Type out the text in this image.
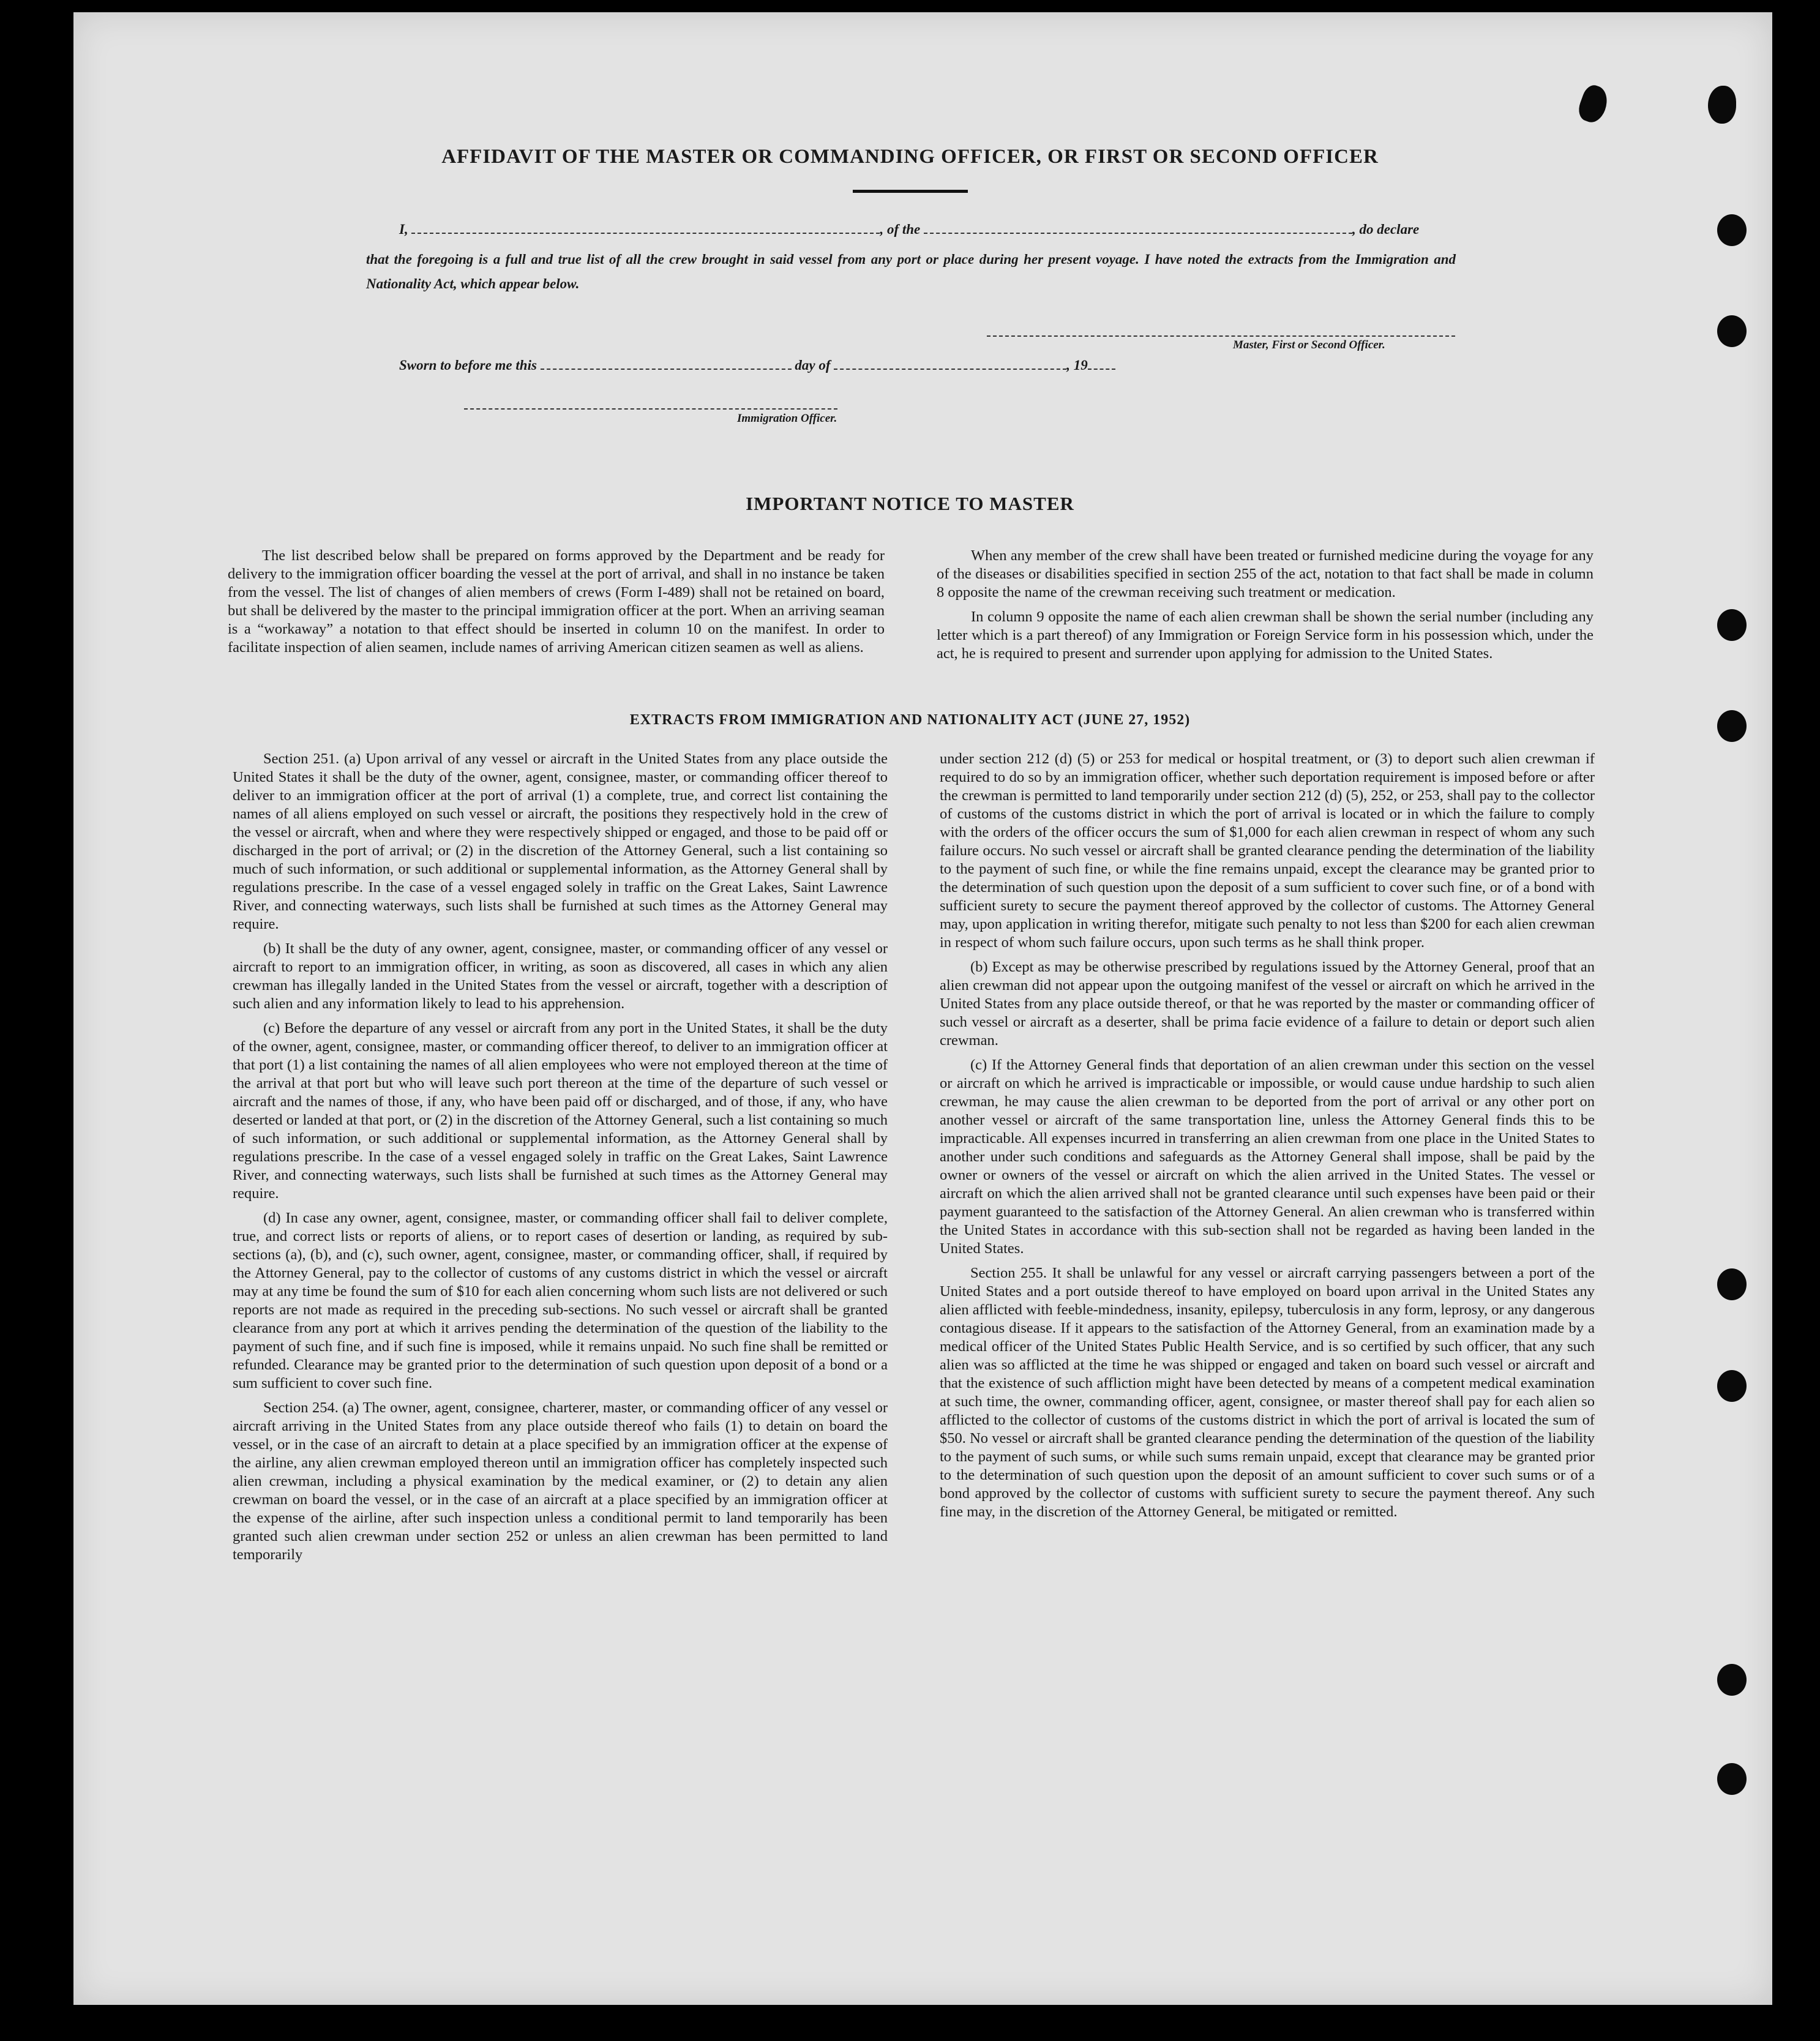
AFFIDAVIT OF THE MASTER OR COMMANDING OFFICER, OR FIRST OR SECOND OFFICER
I,	, of the	, do declare
that the foregoing is a full and true list of all the crew brought in said vessel from any port or place during her present voyage. I have noted the extracts from the Immigration and Nationality Act, which appear below.
Master, First or Second Officer.
Sworn to before me this	day of	, 19
Immigration Officer.
IMPORTANT NOTICE TO MASTER

The list described below shall be prepared on forms approved by the Department and be ready for delivery to the immigration officer boarding the vessel at the port of arrival, and shall in no instance be taken from the vessel. The list of changes of alien members of crews (Form I-489) shall not be retained on board, but shall be delivered by the master to the principal immigration officer at the port. When an arriving seaman is a “workaway” a notation to that effect should be inserted in column 10 on the manifest. In order to facilitate inspection of alien seamen, include names of arriving American citizen seamen as well as aliens.

When any member of the crew shall have been treated or furnished medicine during the voyage for any of the diseases or disabilities specified in section 255 of the act, notation to that fact shall be made in column 8 opposite the name of the crewman receiving such treatment or medication.

In column 9 opposite the name of each alien crewman shall be shown the serial number (including any letter which is a part thereof) of any Immigration or Foreign Service form in his possession which, under the act, he is required to present and surrender upon applying for admission to the United States.

EXTRACTS FROM IMMIGRATION AND NATIONALITY ACT (JUNE 27, 1952)

Section 251. (a) Upon arrival of any vessel or aircraft in the United States from any place outside the United States it shall be the duty of the owner, agent, consignee, master, or commanding officer thereof to deliver to an immigration officer at the port of arrival (1) a complete, true, and correct list containing the names of all aliens employed on such vessel or aircraft, the positions they respectively hold in the crew of the vessel or aircraft, when and where they were respectively shipped or engaged, and those to be paid off or discharged in the port of arrival; or (2) in the discretion of the Attorney General, such a list containing so much of such information, or such additional or supplemental information, as the Attorney General shall by regulations prescribe. In the case of a vessel engaged solely in traffic on the Great Lakes, Saint Lawrence River, and connecting waterways, such lists shall be furnished at such times as the Attorney General may require.

(b) It shall be the duty of any owner, agent, consignee, master, or commanding officer of any vessel or aircraft to report to an immigration officer, in writing, as soon as discovered, all cases in which any alien crewman has illegally landed in the United States from the vessel or aircraft, together with a description of such alien and any information likely to lead to his apprehension.

(c) Before the departure of any vessel or aircraft from any port in the United States, it shall be the duty of the owner, agent, consignee, master, or commanding officer thereof, to deliver to an immigration officer at that port (1) a list containing the names of all alien employees who were not employed thereon at the time of the arrival at that port but who will leave such port thereon at the time of the departure of such vessel or aircraft and the names of those, if any, who have been paid off or discharged, and of those, if any, who have deserted or landed at that port, or (2) in the discretion of the Attorney General, such a list containing so much of such information, or such additional or supplemental information, as the Attorney General shall by regulations prescribe. In the case of a vessel engaged solely in traffic on the Great Lakes, Saint Lawrence River, and connecting waterways, such lists shall be furnished at such times as the Attorney General may require.

(d) In case any owner, agent, consignee, master, or commanding officer shall fail to deliver complete, true, and correct lists or reports of aliens, or to report cases of desertion or landing, as required by sub-sections (a), (b), and (c), such owner, agent, consignee, master, or commanding officer, shall, if required by the Attorney General, pay to the collector of customs of any customs district in which the vessel or aircraft may at any time be found the sum of $10 for each alien concerning whom such lists are not delivered or such reports are not made as required in the preceding sub-sections. No such vessel or aircraft shall be granted clearance from any port at which it arrives pending the determination of the question of the liability to the payment of such fine, and if such fine is imposed, while it remains unpaid. No such fine shall be remitted or refunded. Clearance may be granted prior to the determination of such question upon deposit of a bond or a sum sufficient to cover such fine.

Section 254. (a) The owner, agent, consignee, charterer, master, or commanding officer of any vessel or aircraft arriving in the United States from any place outside thereof who fails (1) to detain on board the vessel, or in the case of an aircraft to detain at a place specified by an immigration officer at the expense of the airline, any alien crewman employed thereon until an immigration officer has completely inspected such alien crewman, including a physical examination by the medical examiner, or (2) to detain any alien crewman on board the vessel, or in the case of an aircraft at a place specified by an immigration officer at the expense of the airline, after such inspection unless a conditional permit to land temporarily has been granted such alien crewman under section 252 or unless an alien crewman has been permitted to land temporarily

under section 212 (d) (5) or 253 for medical or hospital treatment, or (3) to deport such alien crewman if required to do so by an immigration officer, whether such deportation requirement is imposed before or after the crewman is permitted to land temporarily under section 212 (d) (5), 252, or 253, shall pay to the collector of customs of the customs district in which the port of arrival is located or in which the failure to comply with the orders of the officer occurs the sum of $1,000 for each alien crewman in respect of whom any such failure occurs. No such vessel or aircraft shall be granted clearance pending the determination of the liability to the payment of such fine, or while the fine remains unpaid, except the clearance may be granted prior to the determination of such question upon the deposit of a sum sufficient to cover such fine, or of a bond with sufficient surety to secure the payment thereof approved by the collector of customs. The Attorney General may, upon application in writing therefor, mitigate such penalty to not less than $200 for each alien crewman in respect of whom such failure occurs, upon such terms as he shall think proper.

(b) Except as may be otherwise prescribed by regulations issued by the Attorney General, proof that an alien crewman did not appear upon the outgoing manifest of the vessel or aircraft on which he arrived in the United States from any place outside thereof, or that he was reported by the master or commanding officer of such vessel or aircraft as a deserter, shall be prima facie evidence of a failure to detain or deport such alien crewman.

(c) If the Attorney General finds that deportation of an alien crewman under this section on the vessel or aircraft on which he arrived is impracticable or impossible, or would cause undue hardship to such alien crewman, he may cause the alien crewman to be deported from the port of arrival or any other port on another vessel or aircraft of the same transportation line, unless the Attorney General finds this to be impracticable. All expenses incurred in transferring an alien crewman from one place in the United States to another under such conditions and safeguards as the Attorney General shall impose, shall be paid by the owner or owners of the vessel or aircraft on which the alien arrived in the United States. The vessel or aircraft on which the alien arrived shall not be granted clearance until such expenses have been paid or their payment guaranteed to the satisfaction of the Attorney General. An alien crewman who is transferred within the United States in accordance with this sub-section shall not be regarded as having been landed in the United States.

Section 255. It shall be unlawful for any vessel or aircraft carrying passengers between a port of the United States and a port outside thereof to have employed on board upon arrival in the United States any alien afflicted with feeble-mindedness, insanity, epilepsy, tuberculosis in any form, leprosy, or any dangerous contagious disease. If it appears to the satisfaction of the Attorney General, from an examination made by a medical officer of the United States Public Health Service, and is so certified by such officer, that any such alien was so afflicted at the time he was shipped or engaged and taken on board such vessel or aircraft and that the existence of such affliction might have been detected by means of a competent medical examination at such time, the owner, commanding officer, agent, consignee, or master thereof shall pay for each alien so afflicted to the collector of customs of the customs district in which the port of arrival is located the sum of $50. No vessel or aircraft shall be granted clearance pending the determination of the question of the liability to the payment of such sums, or while such sums remain unpaid, except that clearance may be granted prior to the determination of such question upon the deposit of an amount sufficient to cover such sums or of a bond approved by the collector of customs with sufficient surety to secure the payment thereof. Any such fine may, in the discretion of the Attorney General, be mitigated or remitted.
